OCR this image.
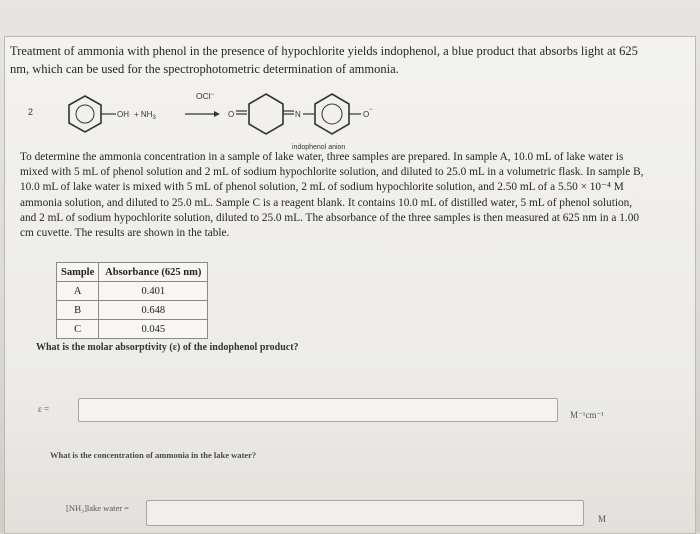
Treatment of ammonia with phenol in the presence of hypochlorite yields indophenol, a blue product that absorbs light at 625 nm, which can be used for the spectrophotometric determination of ammonia.
2	OH + $NH_3$
OCl−
O	N	O −
indophenol anion
To determine the ammonia concentration in a sample of lake water, three samples are prepared. In sample A, 10.0 mL of lake water is mixed with 5 mL of phenol solution and 2 mL of sodium hypochlorite solution, and diluted to 25.0 mL in a volumetric flask. In sample B, 10.0 mL of lake water is mixed with 5 mL of phenol solution, 2 mL of sodium hypochlorite solution, and 2.50 mL of a 5.50 × 10⁻⁴ M ammonia solution, and diluted to 25.0 mL. Sample C is a reagent blank. It contains 10.0 mL of distilled water, 5 mL of phenol solution, and 2 mL of sodium hypochlorite solution, diluted to 25.0 mL. The absorbance of the three samples is then measured at 625 nm in a 1.00 cm cuvette. The results are shown in the table.
Sample	Absorbance (625 nm)
A	0.401
B	0.648
C	0.045
What is the molar absorptivity (ε) of the indophenol product?
ε =
M⁻¹cm⁻¹
What is the concentration of ammonia in the lake water?
[NH₃]lake water =
M
